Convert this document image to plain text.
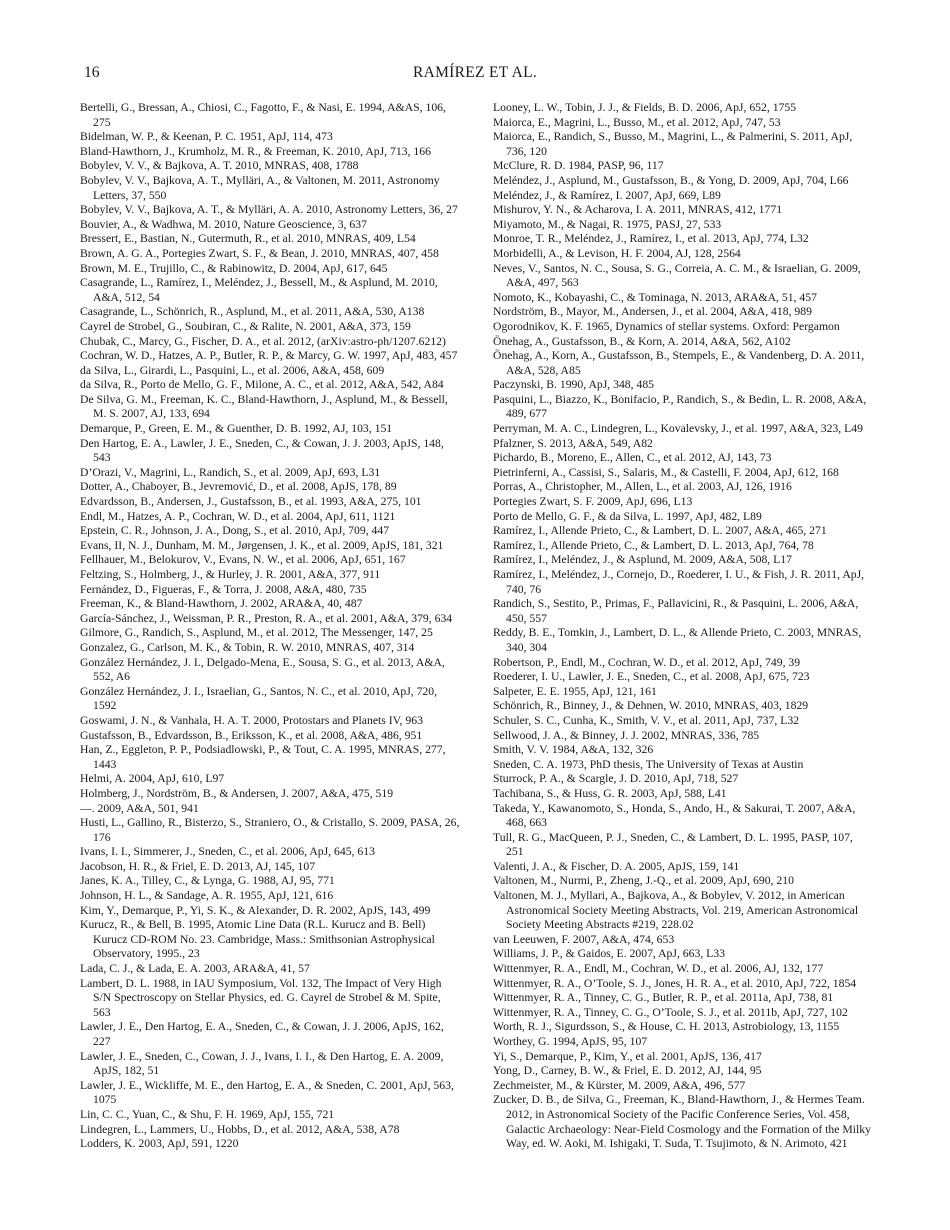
16	RAMÍREZ ET AL.
Bertelli, G., Bressan, A., Chiosi, C., Fagotto, F., & Nasi, E. 1994, A&AS, 106, 275
Bidelman, W. P., & Keenan, P. C. 1951, ApJ, 114, 473
Bland-Hawthorn, J., Krumholz, M. R., & Freeman, K. 2010, ApJ, 713, 166
Bobylev, V. V., & Bajkova, A. T. 2010, MNRAS, 408, 1788
Bobylev, V. V., Bajkova, A. T., Mylläri, A., & Valtonen, M. 2011, Astronomy Letters, 37, 550
Bobylev, V. V., Bajkova, A. T., & Mylläri, A. A. 2010, Astronomy Letters, 36, 27
Bouvier, A., & Wadhwa, M. 2010, Nature Geoscience, 3, 637
Bressert, E., Bastian, N., Gutermuth, R., et al. 2010, MNRAS, 409, L54
Brown, A. G. A., Portegies Zwart, S. F., & Bean, J. 2010, MNRAS, 407, 458
Brown, M. E., Trujillo, C., & Rabinowitz, D. 2004, ApJ, 617, 645
Casagrande, L., Ramírez, I., Meléndez, J., Bessell, M., & Asplund, M. 2010, A&A, 512, 54
Casagrande, L., Schönrich, R., Asplund, M., et al. 2011, A&A, 530, A138
Cayrel de Strobel, G., Soubiran, C., & Ralite, N. 2001, A&A, 373, 159
Chubak, C., Marcy, G., Fischer, D. A., et al. 2012, (arXiv:astro-ph/1207.6212)
Cochran, W. D., Hatzes, A. P., Butler, R. P., & Marcy, G. W. 1997, ApJ, 483, 457
da Silva, L., Girardi, L., Pasquini, L., et al. 2006, A&A, 458, 609
da Silva, R., Porto de Mello, G. F., Milone, A. C., et al. 2012, A&A, 542, A84
De Silva, G. M., Freeman, K. C., Bland-Hawthorn, J., Asplund, M., & Bessell, M. S. 2007, AJ, 133, 694
Demarque, P., Green, E. M., & Guenther, D. B. 1992, AJ, 103, 151
Den Hartog, E. A., Lawler, J. E., Sneden, C., & Cowan, J. J. 2003, ApJS, 148, 543
D’Orazi, V., Magrini, L., Randich, S., et al. 2009, ApJ, 693, L31
Dotter, A., Chaboyer, B., Jevremović, D., et al. 2008, ApJS, 178, 89
Edvardsson, B., Andersen, J., Gustafsson, B., et al. 1993, A&A, 275, 101
Endl, M., Hatzes, A. P., Cochran, W. D., et al. 2004, ApJ, 611, 1121
Epstein, C. R., Johnson, J. A., Dong, S., et al. 2010, ApJ, 709, 447
Evans, II, N. J., Dunham, M. M., Jørgensen, J. K., et al. 2009, ApJS, 181, 321
Fellhauer, M., Belokurov, V., Evans, N. W., et al. 2006, ApJ, 651, 167
Feltzing, S., Holmberg, J., & Hurley, J. R. 2001, A&A, 377, 911
Fernández, D., Figueras, F., & Torra, J. 2008, A&A, 480, 735
Freeman, K., & Bland-Hawthorn, J. 2002, ARA&A, 40, 487
García-Sánchez, J., Weissman, P. R., Preston, R. A., et al. 2001, A&A, 379, 634
Gilmore, G., Randich, S., Asplund, M., et al. 2012, The Messenger, 147, 25
Gonzalez, G., Carlson, M. K., & Tobin, R. W. 2010, MNRAS, 407, 314
González Hernández, J. I., Delgado-Mena, E., Sousa, S. G., et al. 2013, A&A, 552, A6
González Hernández, J. I., Israelian, G., Santos, N. C., et al. 2010, ApJ, 720, 1592
Goswami, J. N., & Vanhala, H. A. T. 2000, Protostars and Planets IV, 963
Gustafsson, B., Edvardsson, B., Eriksson, K., et al. 2008, A&A, 486, 951
Han, Z., Eggleton, P. P., Podsiadlowski, P., & Tout, C. A. 1995, MNRAS, 277, 1443
Helmi, A. 2004, ApJ, 610, L97
Holmberg, J., Nordström, B., & Andersen, J. 2007, A&A, 475, 519
—. 2009, A&A, 501, 941
Husti, L., Gallino, R., Bisterzo, S., Straniero, O., & Cristallo, S. 2009, PASA, 26, 176
Ivans, I. I., Simmerer, J., Sneden, C., et al. 2006, ApJ, 645, 613
Jacobson, H. R., & Friel, E. D. 2013, AJ, 145, 107
Janes, K. A., Tilley, C., & Lynga, G. 1988, AJ, 95, 771
Johnson, H. L., & Sandage, A. R. 1955, ApJ, 121, 616
Kim, Y., Demarque, P., Yi, S. K., & Alexander, D. R. 2002, ApJS, 143, 499
Kurucz, R., & Bell, B. 1995, Atomic Line Data (R.L. Kurucz and B. Bell) Kurucz CD-ROM No. 23. Cambridge, Mass.: Smithsonian Astrophysical Observatory, 1995., 23
Lada, C. J., & Lada, E. A. 2003, ARA&A, 41, 57
Lambert, D. L. 1988, in IAU Symposium, Vol. 132, The Impact of Very High S/N Spectroscopy on Stellar Physics, ed. G. Cayrel de Strobel & M. Spite, 563
Lawler, J. E., Den Hartog, E. A., Sneden, C., & Cowan, J. J. 2006, ApJS, 162, 227
Lawler, J. E., Sneden, C., Cowan, J. J., Ivans, I. I., & Den Hartog, E. A. 2009, ApJS, 182, 51
Lawler, J. E., Wickliffe, M. E., den Hartog, E. A., & Sneden, C. 2001, ApJ, 563, 1075
Lin, C. C., Yuan, C., & Shu, F. H. 1969, ApJ, 155, 721
Lindegren, L., Lammers, U., Hobbs, D., et al. 2012, A&A, 538, A78
Lodders, K. 2003, ApJ, 591, 1220
Looney, L. W., Tobin, J. J., & Fields, B. D. 2006, ApJ, 652, 1755
Maiorca, E., Magrini, L., Busso, M., et al. 2012, ApJ, 747, 53
Maiorca, E., Randich, S., Busso, M., Magrini, L., & Palmerini, S. 2011, ApJ, 736, 120
McClure, R. D. 1984, PASP, 96, 117
Meléndez, J., Asplund, M., Gustafsson, B., & Yong, D. 2009, ApJ, 704, L66
Meléndez, J., & Ramírez, I. 2007, ApJ, 669, L89
Mishurov, Y. N., & Acharova, I. A. 2011, MNRAS, 412, 1771
Miyamoto, M., & Nagai, R. 1975, PASJ, 27, 533
Monroe, T. R., Meléndez, J., Ramírez, I., et al. 2013, ApJ, 774, L32
Morbidelli, A., & Levison, H. F. 2004, AJ, 128, 2564
Neves, V., Santos, N. C., Sousa, S. G., Correia, A. C. M., & Israelian, G. 2009, A&A, 497, 563
Nomoto, K., Kobayashi, C., & Tominaga, N. 2013, ARA&A, 51, 457
Nordström, B., Mayor, M., Andersen, J., et al. 2004, A&A, 418, 989
Ogorodnikov, K. F. 1965, Dynamics of stellar systems. Oxford: Pergamon
Önehag, A., Gustafsson, B., & Korn, A. 2014, A&A, 562, A102
Önehag, A., Korn, A., Gustafsson, B., Stempels, E., & Vandenberg, D. A. 2011, A&A, 528, A85
Paczynski, B. 1990, ApJ, 348, 485
Pasquini, L., Biazzo, K., Bonifacio, P., Randich, S., & Bedin, L. R. 2008, A&A, 489, 677
Perryman, M. A. C., Lindegren, L., Kovalevsky, J., et al. 1997, A&A, 323, L49
Pfalzner, S. 2013, A&A, 549, A82
Pichardo, B., Moreno, E., Allen, C., et al. 2012, AJ, 143, 73
Pietrinferni, A., Cassisi, S., Salaris, M., & Castelli, F. 2004, ApJ, 612, 168
Porras, A., Christopher, M., Allen, L., et al. 2003, AJ, 126, 1916
Portegies Zwart, S. F. 2009, ApJ, 696, L13
Porto de Mello, G. F., & da Silva, L. 1997, ApJ, 482, L89
Ramírez, I., Allende Prieto, C., & Lambert, D. L. 2007, A&A, 465, 271
Ramírez, I., Allende Prieto, C., & Lambert, D. L. 2013, ApJ, 764, 78
Ramírez, I., Meléndez, J., & Asplund, M. 2009, A&A, 508, L17
Ramírez, I., Meléndez, J., Cornejo, D., Roederer, I. U., & Fish, J. R. 2011, ApJ, 740, 76
Randich, S., Sestito, P., Primas, F., Pallavicini, R., & Pasquini, L. 2006, A&A, 450, 557
Reddy, B. E., Tomkin, J., Lambert, D. L., & Allende Prieto, C. 2003, MNRAS, 340, 304
Robertson, P., Endl, M., Cochran, W. D., et al. 2012, ApJ, 749, 39
Roederer, I. U., Lawler, J. E., Sneden, C., et al. 2008, ApJ, 675, 723
Salpeter, E. E. 1955, ApJ, 121, 161
Schönrich, R., Binney, J., & Dehnen, W. 2010, MNRAS, 403, 1829
Schuler, S. C., Cunha, K., Smith, V. V., et al. 2011, ApJ, 737, L32
Sellwood, J. A., & Binney, J. J. 2002, MNRAS, 336, 785
Smith, V. V. 1984, A&A, 132, 326
Sneden, C. A. 1973, PhD thesis, The University of Texas at Austin
Sturrock, P. A., & Scargle, J. D. 2010, ApJ, 718, 527
Tachibana, S., & Huss, G. R. 2003, ApJ, 588, L41
Takeda, Y., Kawanomoto, S., Honda, S., Ando, H., & Sakurai, T. 2007, A&A, 468, 663
Tull, R. G., MacQueen, P. J., Sneden, C., & Lambert, D. L. 1995, PASP, 107, 251
Valenti, J. A., & Fischer, D. A. 2005, ApJS, 159, 141
Valtonen, M., Nurmi, P., Zheng, J.-Q., et al. 2009, ApJ, 690, 210
Valtonen, M. J., Myllari, A., Bajkova, A., & Bobylev, V. 2012, in American Astronomical Society Meeting Abstracts, Vol. 219, American Astronomical Society Meeting Abstracts #219, 228.02
van Leeuwen, F. 2007, A&A, 474, 653
Williams, J. P., & Gaidos, E. 2007, ApJ, 663, L33
Wittenmyer, R. A., Endl, M., Cochran, W. D., et al. 2006, AJ, 132, 177
Wittenmyer, R. A., O’Toole, S. J., Jones, H. R. A., et al. 2010, ApJ, 722, 1854
Wittenmyer, R. A., Tinney, C. G., Butler, R. P., et al. 2011a, ApJ, 738, 81
Wittenmyer, R. A., Tinney, C. G., O’Toole, S. J., et al. 2011b, ApJ, 727, 102
Worth, R. J., Sigurdsson, S., & House, C. H. 2013, Astrobiology, 13, 1155
Worthey, G. 1994, ApJS, 95, 107
Yi, S., Demarque, P., Kim, Y., et al. 2001, ApJS, 136, 417
Yong, D., Carney, B. W., & Friel, E. D. 2012, AJ, 144, 95
Zechmeister, M., & Kürster, M. 2009, A&A, 496, 577
Zucker, D. B., de Silva, G., Freeman, K., Bland-Hawthorn, J., & Hermes Team. 2012, in Astronomical Society of the Pacific Conference Series, Vol. 458, Galactic Archaeology: Near-Field Cosmology and the Formation of the Milky Way, ed. W. Aoki, M. Ishigaki, T. Suda, T. Tsujimoto, & N. Arimoto, 421
